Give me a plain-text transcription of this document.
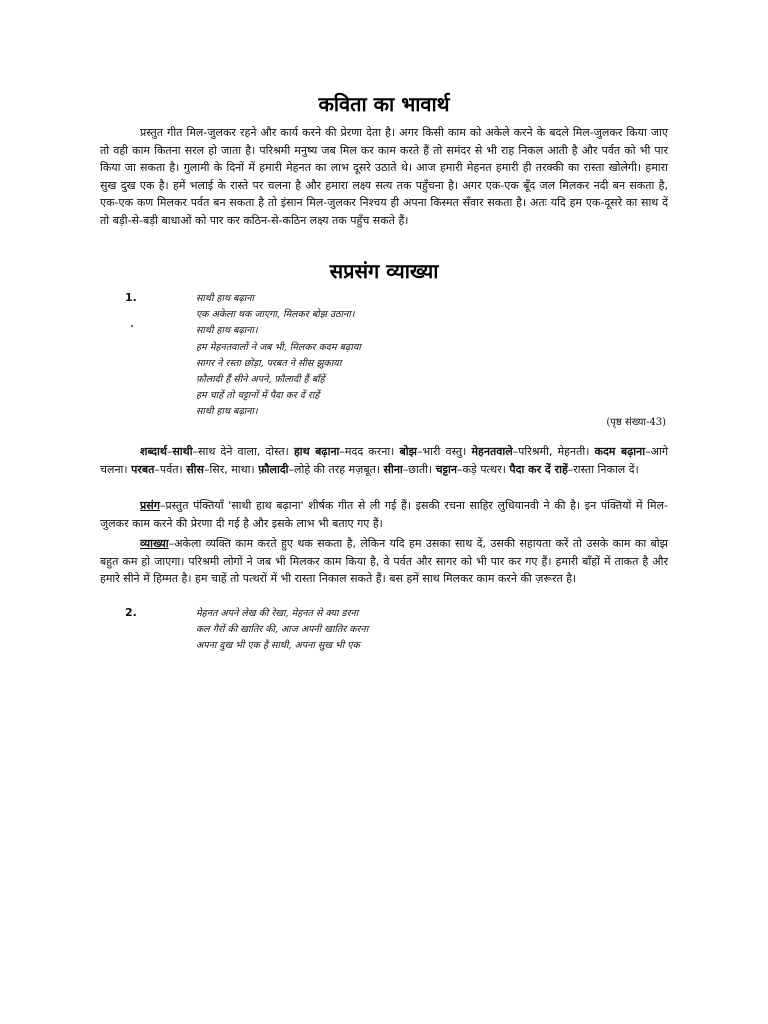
कविता का भावार्थ

प्रस्तुत गीत मिल-जुलकर रहने और कार्य करने की प्रेरणा देता है। अगर किसी काम को अकेले करने के बदले मिल-जुलकर किया जाए तो वही काम कितना सरल हो जाता है। परिश्रमी मनुष्य जब मिल कर काम करते हैं तो समंदर से भी राह निकल आती है और पर्वत को भी पार किया जा सकता है। गुलामी के दिनों में हमारी मेहनत का लाभ दूसरे उठाते थे। आज हमारी मेहनत हमारी ही तरक्की का रास्ता खोलेगी। हमारा सुख दुख एक है। हमें भलाई के रास्ते पर चलना है और हमारा लक्ष्य सत्य तक पहुँचना है। अगर एक-एक बूँद जल मिलकर नदी बन सकता है, एक-एक कण मिलकर पर्वत बन सकता है तो इंसान मिल-जुलकर निश्चय ही अपना किस्मत सँवार सकता है। अतः यदि हम एक-दूसरे का साथ दें तो बड़ी-से-बड़ी बाधाओं को पार कर कठिन-से-कठिन लक्ष्य तक पहुँच सकते हैं।

सप्रसंग व्याख्या
1.	साथी हाथ बढ़ाना
एक अकेला थक जाएगा, मिलकर बोझ उठाना।
साथी हाथ बढ़ाना।
हम मेहनतवालों ने जब भी, मिलकर कदम बढ़ाया
सागर ने रस्ता छोड़ा, परबत ने सीस झुकाया
फ़ौलादी हैं सीने अपने, फ़ौलादी हैं बाँहें
हम चाहें तो चट्टानों में पैदा कर दें राहें
साथी हाथ बढ़ाना।
(पृष्ठ संख्या-43)

शब्दार्थ–साथी–साथ देने वाला, दोस्त। हाथ बढ़ाना–मदद करना। बोझ–भारी वस्तु। मेहनतवाले–परिश्रमी, मेहनती। कदम बढ़ाना–आगे चलना। परबत–पर्वत। सीस–सिर, माथा। फ़ौलादी–लोहे की तरह मज़बूत। सीना–छाती। चट्टान–कड़े पत्थर। पैदा कर दें राहें–रास्ता निकाल दें।

प्रसंग–प्रस्तुत पंक्तियाँ 'साथी हाथ बढ़ाना' शीर्षक गीत से ली गई हैं। इसकी रचना साहिर लुधियानवी ने की है। इन पंक्तियों में मिल-जुलकर काम करने की प्रेरणा दी गई है और इसके लाभ भी बताए गए हैं।

व्याख्या–अकेला व्यक्ति काम करते हुए थक सकता है, लेकिन यदि हम उसका साथ दें, उसकी सहायता करें तो उसके काम का बोझ बहुत कम हो जाएगा। परिश्रमी लोगों ने जब भी मिलकर काम किया है, वे पर्वत और सागर को भी पार कर गए हैं। हमारी बाँहों में ताकत है और हमारे सीने में हिम्मत है। हम चाहें तो पत्थरों में भी रास्ता निकाल सकते हैं। बस हमें साथ मिलकर काम करने की ज़रूरत है।

2.	मेहनत अपने लेख की रेखा, मेहनत से क्या डरना
कल गैरों की खातिर की, आज अपनी खातिर करना
अपना दुख भी एक है साथी, अपना सुख भी एक
